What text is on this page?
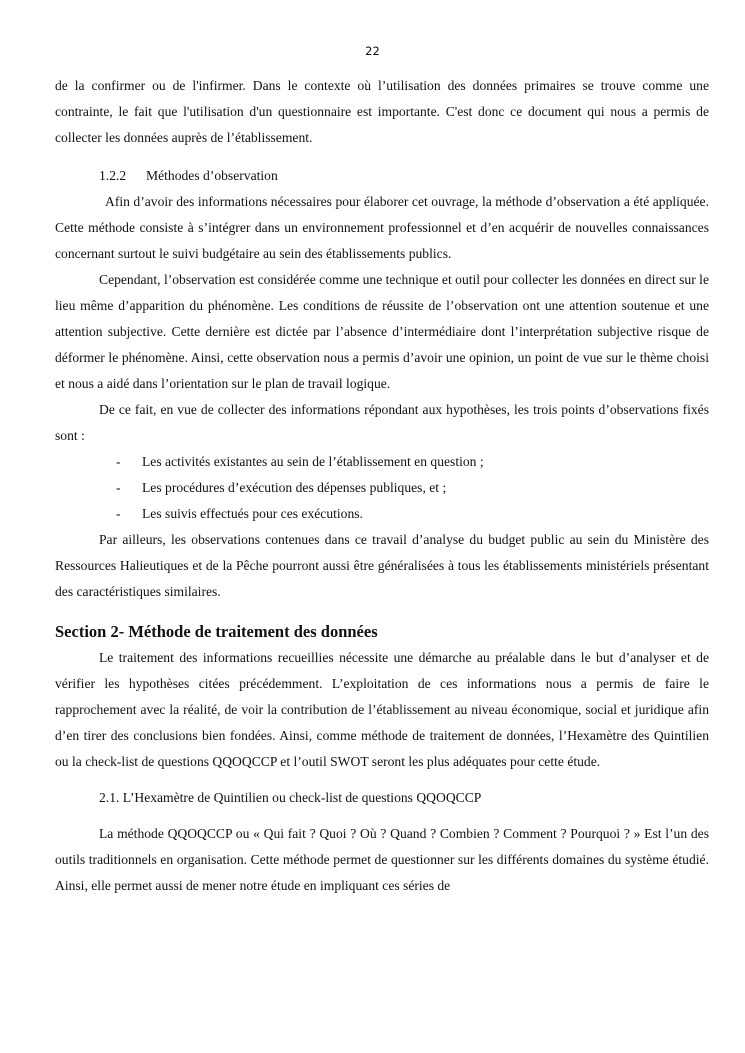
22

de la confirmer ou de l'infirmer. Dans le contexte où l’utilisation des données primaires se trouve comme une contrainte, le fait que l'utilisation d'un questionnaire est importante. C'est donc ce document qui nous a permis de collecter les données auprès de l’établissement.

1.2.2 Méthodes d’observation

Afin d’avoir des informations nécessaires pour élaborer cet ouvrage, la méthode d’observation a été appliquée. Cette méthode consiste à s’intégrer dans un environnement professionnel et d’en acquérir de nouvelles connaissances concernant surtout le suivi budgétaire au sein des établissements publics.

Cependant, l’observation est considérée comme une technique et outil pour collecter les données en direct sur le lieu même d’apparition du phénomène. Les conditions de réussite de l’observation ont une attention soutenue et une attention subjective. Cette dernière est dictée par l’absence d’intermédiaire dont l’interprétation subjective risque de déformer le phénomène. Ainsi, cette observation nous a permis d’avoir une opinion, un point de vue sur le thème choisi et nous a aidé dans l’orientation sur le plan de travail logique.

De ce fait, en vue de collecter des informations répondant aux hypothèses, les trois points d’observations fixés sont :

- Les activités existantes au sein de l’établissement en question ;
- Les procédures d’exécution des dépenses publiques, et ;
- Les suivis effectués pour ces exécutions.

Par ailleurs, les observations contenues dans ce travail d’analyse du budget public au sein du Ministère des Ressources Halieutiques et de la Pêche pourront aussi être généralisées à tous les établissements ministériels présentant des caractéristiques similaires.

Section 2- Méthode de traitement des données

Le traitement des informations recueillies nécessite une démarche au préalable dans le but d’analyser et de vérifier les hypothèses citées précédemment. L’exploitation de ces informations nous a permis de faire le rapprochement avec la réalité, de voir la contribution de l’établissement au niveau économique, social et juridique afin d’en tirer des conclusions bien fondées. Ainsi, comme méthode de traitement de données, l’Hexamètre des Quintilien ou la check-list de questions QQOQCCP et l’outil SWOT seront les plus adéquates pour cette étude.

2.1. L’Hexamètre de Quintilien ou check-list de questions QQOQCCP

La méthode QQOQCCP ou « Qui fait ? Quoi ? Où ? Quand ? Combien ? Comment ? Pourquoi ? » Est l’un des outils traditionnels en organisation. Cette méthode permet de questionner sur les différents domaines du système étudié. Ainsi, elle permet aussi de mener notre étude en impliquant ces séries de
